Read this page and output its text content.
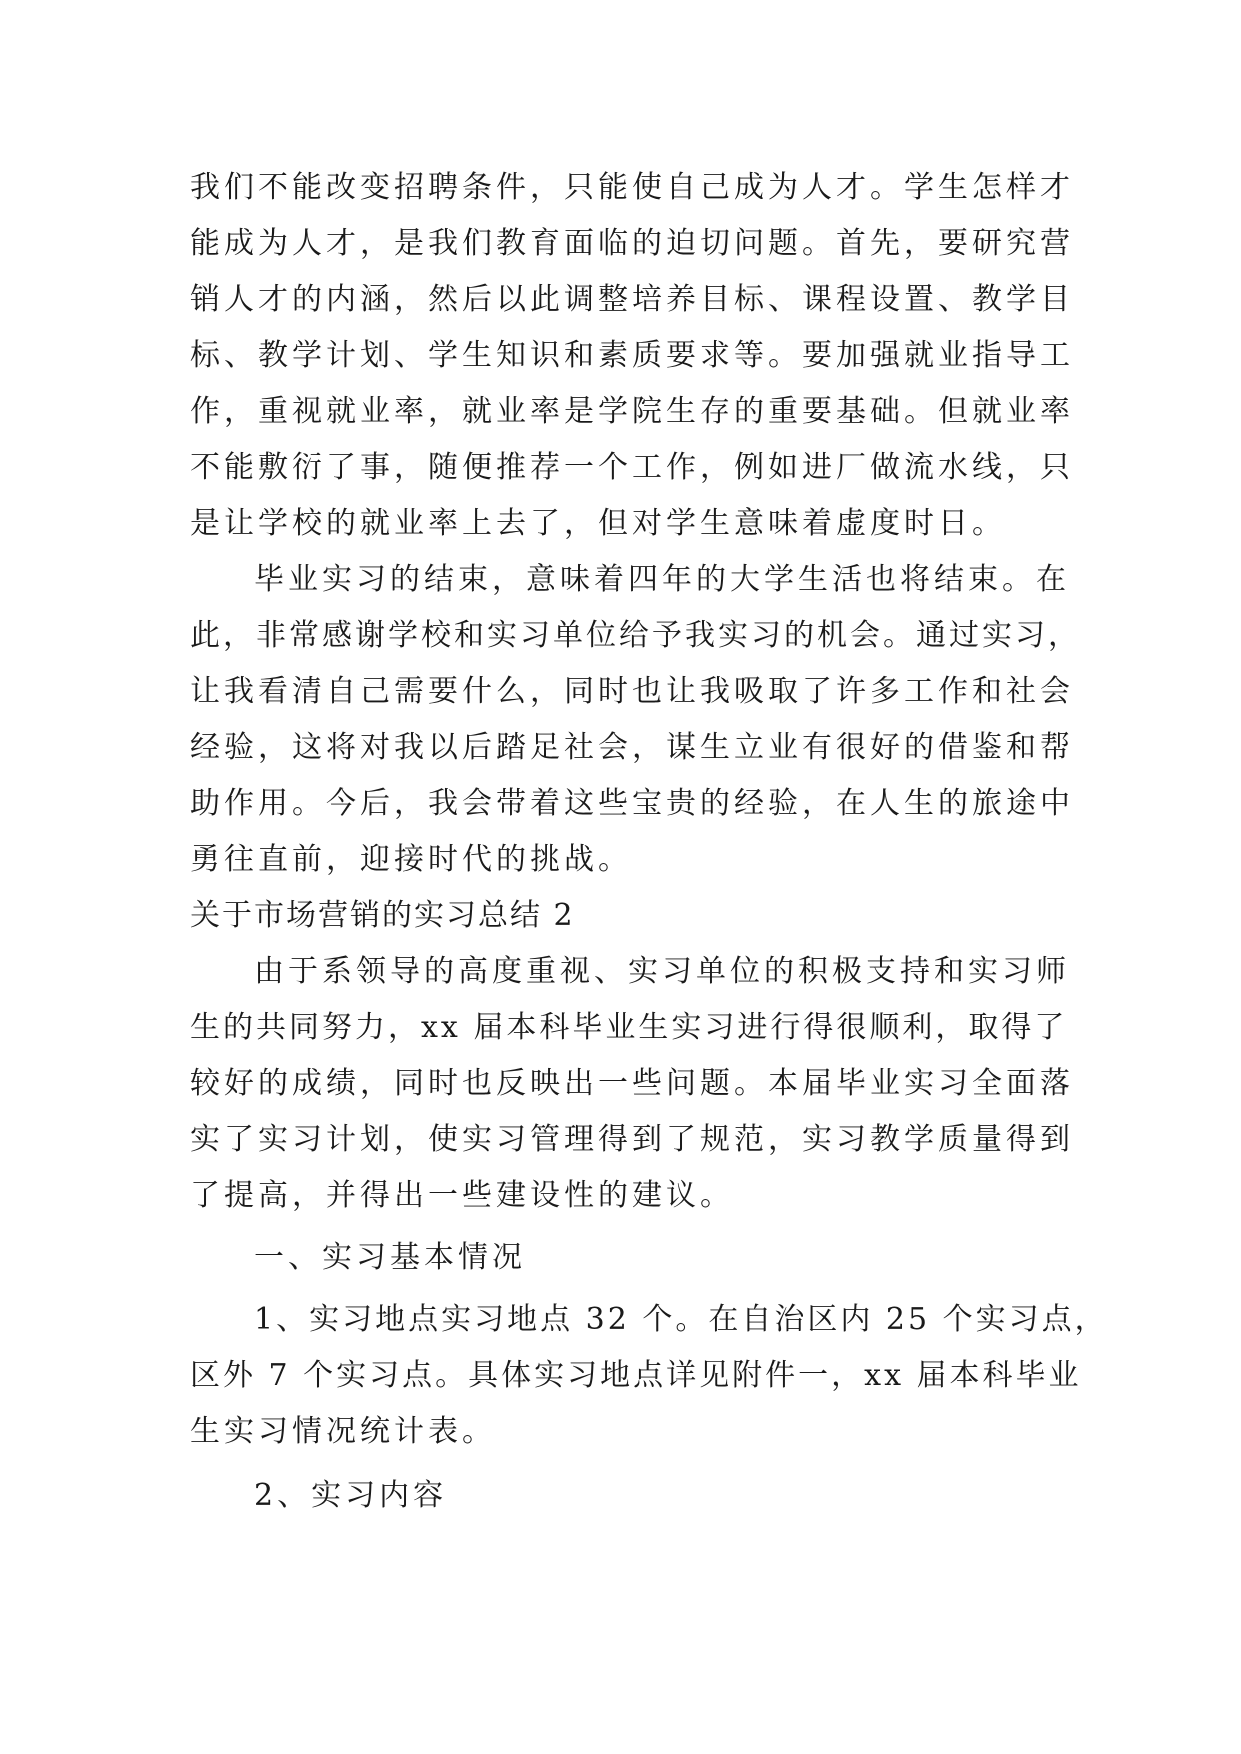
我们不能改变招聘条件，只能使自己成为人才。学生怎样才
能成为人才，是我们教育面临的迫切问题。首先，要研究营
销人才的内涵，然后以此调整培养目标、课程设置、教学目
标、教学计划、学生知识和素质要求等。要加强就业指导工
作，重视就业率，就业率是学院生存的重要基础。但就业率
不能敷衍了事，随便推荐一个工作，例如进厂做流水线，只
是让学校的就业率上去了，但对学生意味着虚度时日。
毕业实习的结束，意味着四年的大学生活也将结束。在
此，非常感谢学校和实习单位给予我实习的机会。通过实习，
让我看清自己需要什么，同时也让我吸取了许多工作和社会
经验，这将对我以后踏足社会，谋生立业有很好的借鉴和帮
助作用。今后，我会带着这些宝贵的经验，在人生的旅途中
勇往直前，迎接时代的挑战。
关于市场营销的实习总结 2
由于系领导的高度重视、实习单位的积极支持和实习师
生的共同努力，xx 届本科毕业生实习进行得很顺利，取得了
较好的成绩，同时也反映出一些问题。本届毕业实习全面落
实了实习计划，使实习管理得到了规范，实习教学质量得到
了提高，并得出一些建设性的建议。
一、实习基本情况
1、实习地点实习地点 32 个。在自治区内 25 个实习点，
区外 7 个实习点。具体实习地点详见附件一，xx 届本科毕业
生实习情况统计表。
2、实习内容
